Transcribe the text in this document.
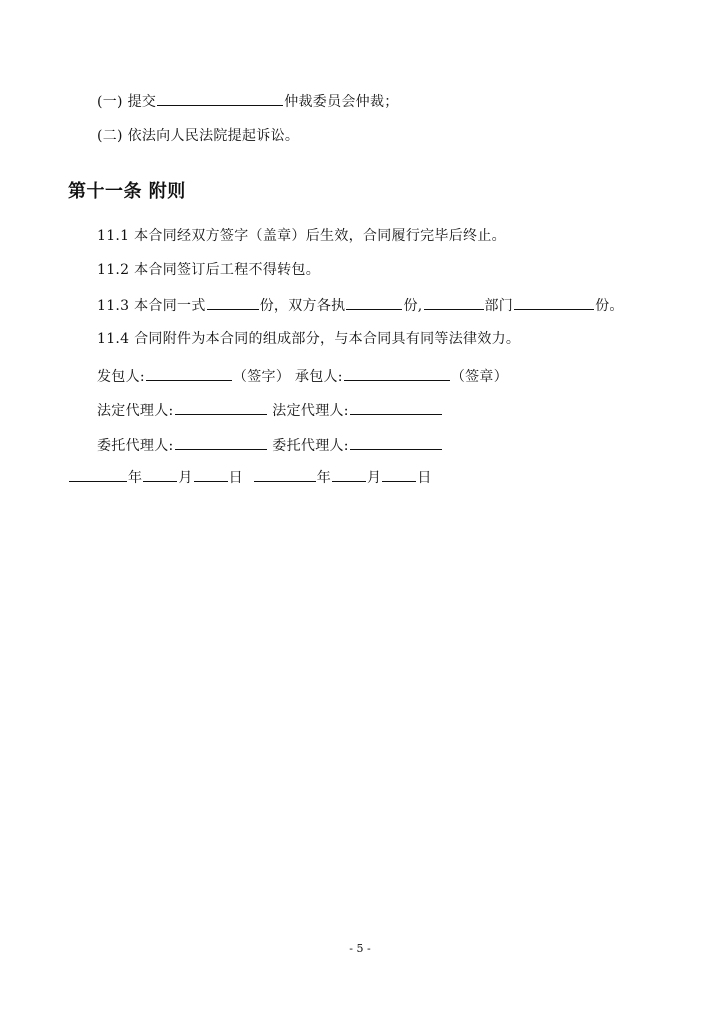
(一) 提交	仲裁委员会仲裁；
(二) 依法向人民法院提起诉讼。
第十一条 附则
11.1 本合同经双方签字（盖章）后生效，合同履行完毕后终止。
11.2 本合同签订后工程不得转包。
11.3 本合同一式	份，双方各执	份,	部门	份。
11.4 合同附件为本合同的组成部分，与本合同具有同等法律效力。
发包人:	（签字） 承包人:	（签章）
法定代理人:	法定代理人:
委托代理人:	委托代理人:
年	月	日	年	月	日
- 5 -
